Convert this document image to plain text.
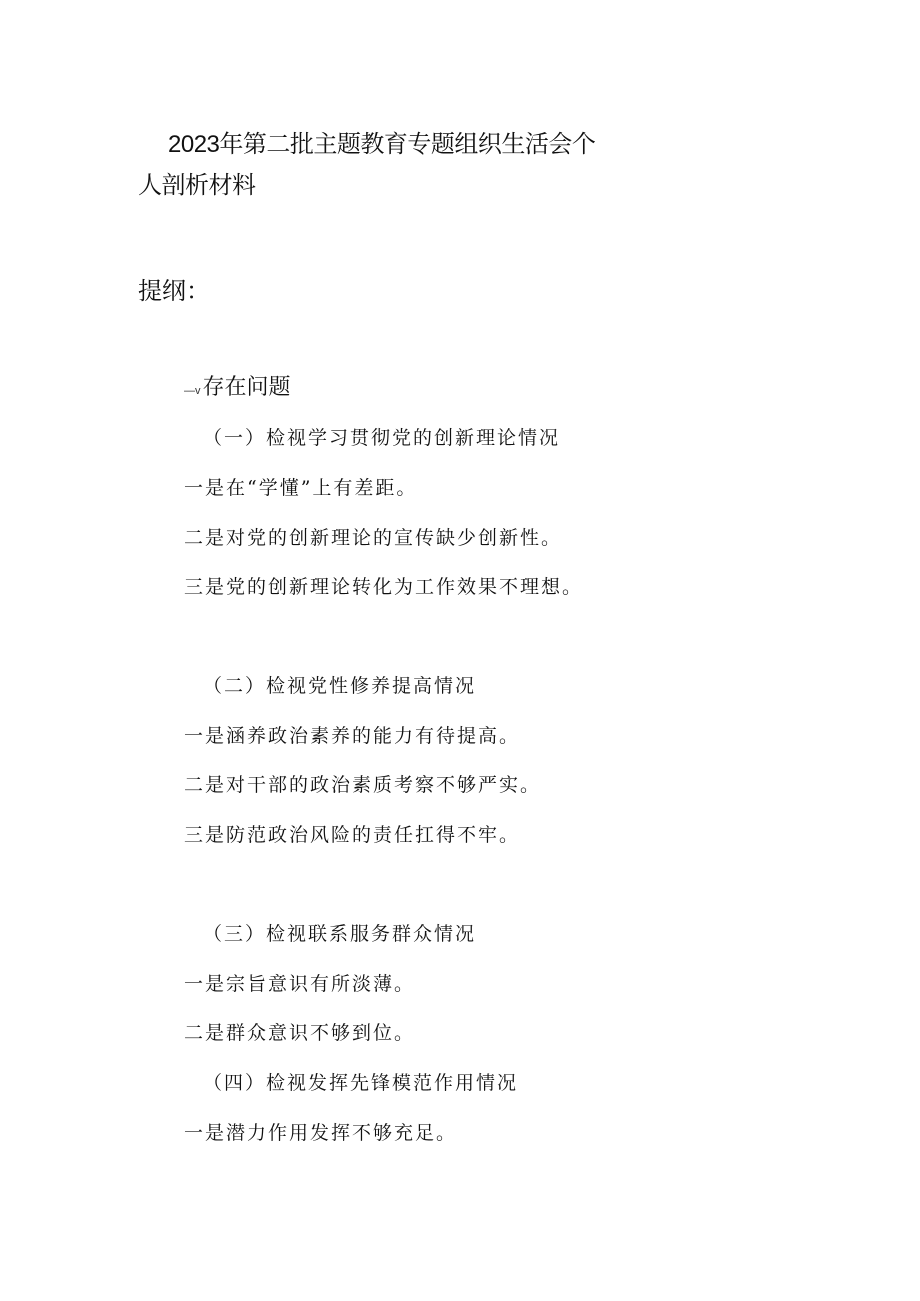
2023年第二批主题教育专题组织生活会个人剖析材料

提纲：

—v存在问题

（一）检视学习贯彻党的创新理论情况

一是在“学懂”上有差距。

二是对党的创新理论的宣传缺少创新性。

三是党的创新理论转化为工作效果不理想。

（二）检视党性修养提高情况

一是涵养政治素养的能力有待提高。

二是对干部的政治素质考察不够严实。

三是防范政治风险的责任扛得不牢。

（三）检视联系服务群众情况

一是宗旨意识有所淡薄。

二是群众意识不够到位。

（四）检视发挥先锋模范作用情况

一是潜力作用发挥不够充足。
